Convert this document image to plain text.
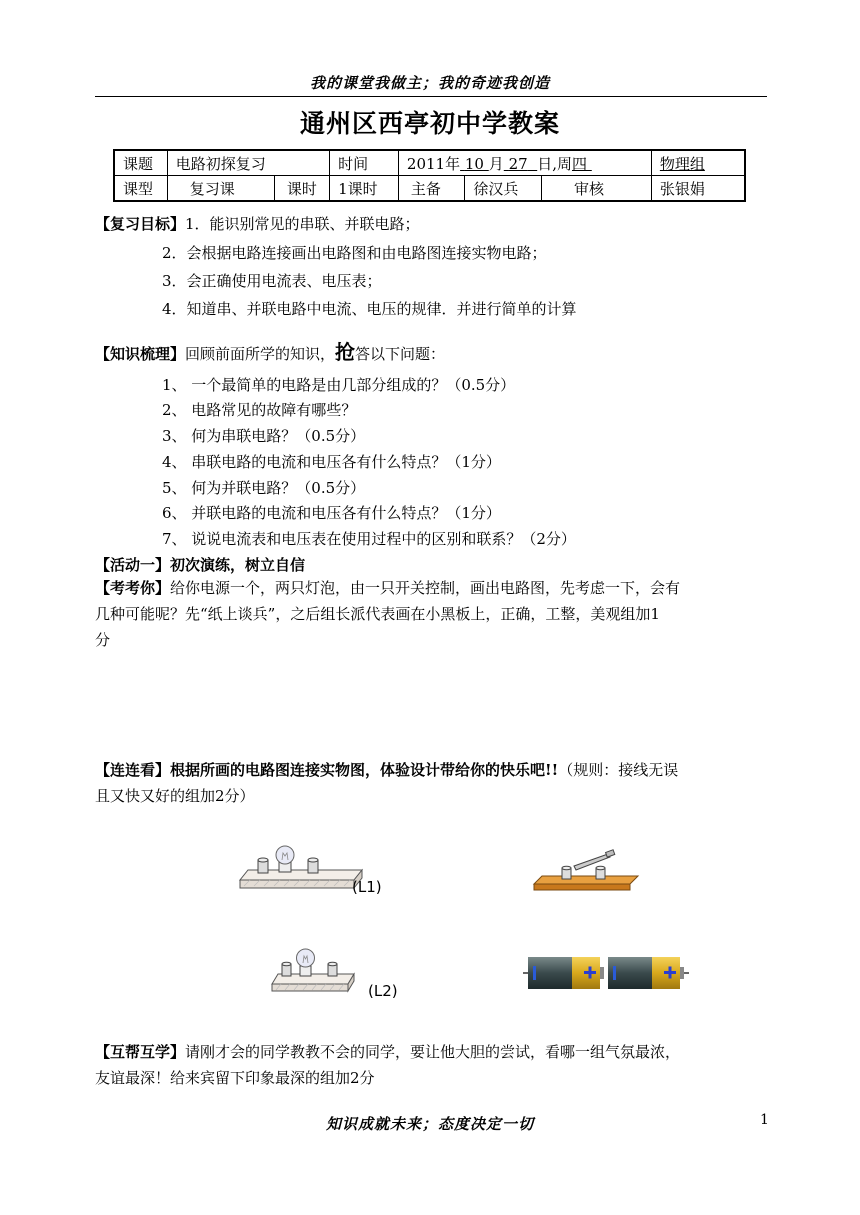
我的课堂我做主；我的奇迹我创造
通州区西亭初中学教案
课题	电路初探复习		时间	2011年 10 月 27 日,周四			物理组
课型	复习课	课时	1课时	主备	徐汉兵	审核	张银娟
【复习目标】1．能识别常见的串联、并联电路；
2．会根据电路连接画出电路图和由电路图连接实物电路；
3．会正确使用电流表、电压表；
4．知道串、并联电路中电流、电压的规律．并进行简单的计算
【知识梳理】回顾前面所学的知识，抢答以下问题：
1、 一个最简单的电路是由几部分组成的？（0.5分）
2、 电路常见的故障有哪些？
3、 何为串联电路？（0.5分）
4、 串联电路的电流和电压各有什么特点？（1分）
5、 何为并联电路？（0.5分）
6、 并联电路的电流和电压各有什么特点？（1分）
7、 说说电流表和电压表在使用过程中的区别和联系？（2分）
【活动一】初次演练，树立自信
【考考你】给你电源一个，两只灯泡，由一只开关控制，画出电路图，先考虑一下，会有
几种可能呢？先“纸上谈兵”，之后组长派代表画在小黑板上，正确，工整，美观组加1
分
【连连看】根据所画的电路图连接实物图，体验设计带给你的快乐吧!!（规则：接线无误
且又快又好的组加2分）
(L1)
(L2)
【互帮互学】请刚才会的同学教教不会的同学，要让他大胆的尝试，看哪一组气氛最浓，
友谊最深！给来宾留下印象最深的组加2分
知识成就未来；态度决定一切	1
